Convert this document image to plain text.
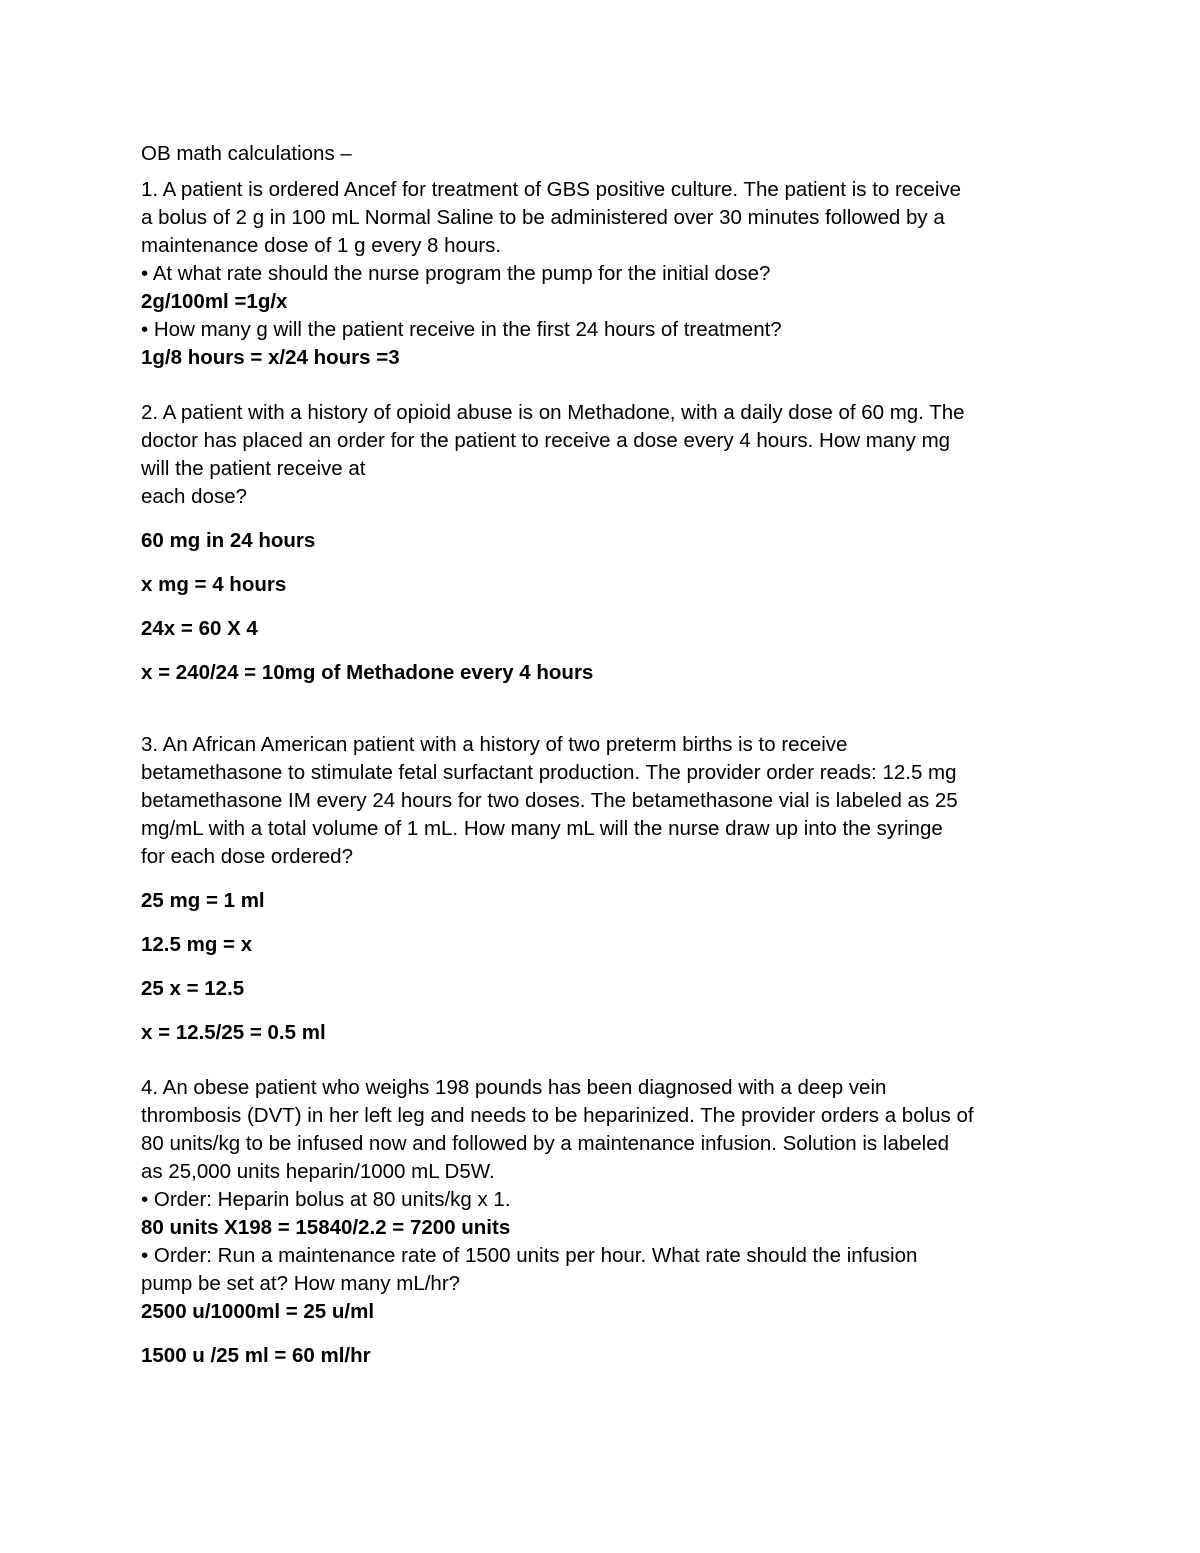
OB math calculations –
1. A patient is ordered Ancef for treatment of GBS positive culture. The patient is to receive
a bolus of 2 g in 100 mL Normal Saline to be administered over 30 minutes followed by a
maintenance dose of 1 g every 8 hours.
• At what rate should the nurse program the pump for the initial dose?
2g/100ml =1g/x
• How many g will the patient receive in the first 24 hours of treatment?
1g/8 hours = x/24 hours =3
2. A patient with a history of opioid abuse is on Methadone, with a daily dose of 60 mg. The
doctor has placed an order for the patient to receive a dose every 4 hours. How many mg
will the patient receive at
each dose?
60 mg in 24 hours
x mg = 4 hours
24x = 60 X 4
x = 240/24 = 10mg of Methadone every 4 hours
3. An African American patient with a history of two preterm births is to receive
betamethasone to stimulate fetal surfactant production. The provider order reads: 12.5 mg
betamethasone IM every 24 hours for two doses. The betamethasone vial is labeled as 25
mg/mL with a total volume of 1 mL. How many mL will the nurse draw up into the syringe
for each dose ordered?
25 mg = 1 ml
12.5 mg = x
25 x = 12.5
x = 12.5/25 = 0.5 ml
4. An obese patient who weighs 198 pounds has been diagnosed with a deep vein
thrombosis (DVT) in her left leg and needs to be heparinized. The provider orders a bolus of
80 units/kg to be infused now and followed by a maintenance infusion. Solution is labeled
as 25,000 units heparin/1000 mL D5W.
• Order: Heparin bolus at 80 units/kg x 1.
80 units X198 = 15840/2.2 = 7200 units
• Order: Run a maintenance rate of 1500 units per hour. What rate should the infusion
pump be set at? How many mL/hr?
2500 u/1000ml = 25 u/ml
1500 u /25 ml = 60 ml/hr
